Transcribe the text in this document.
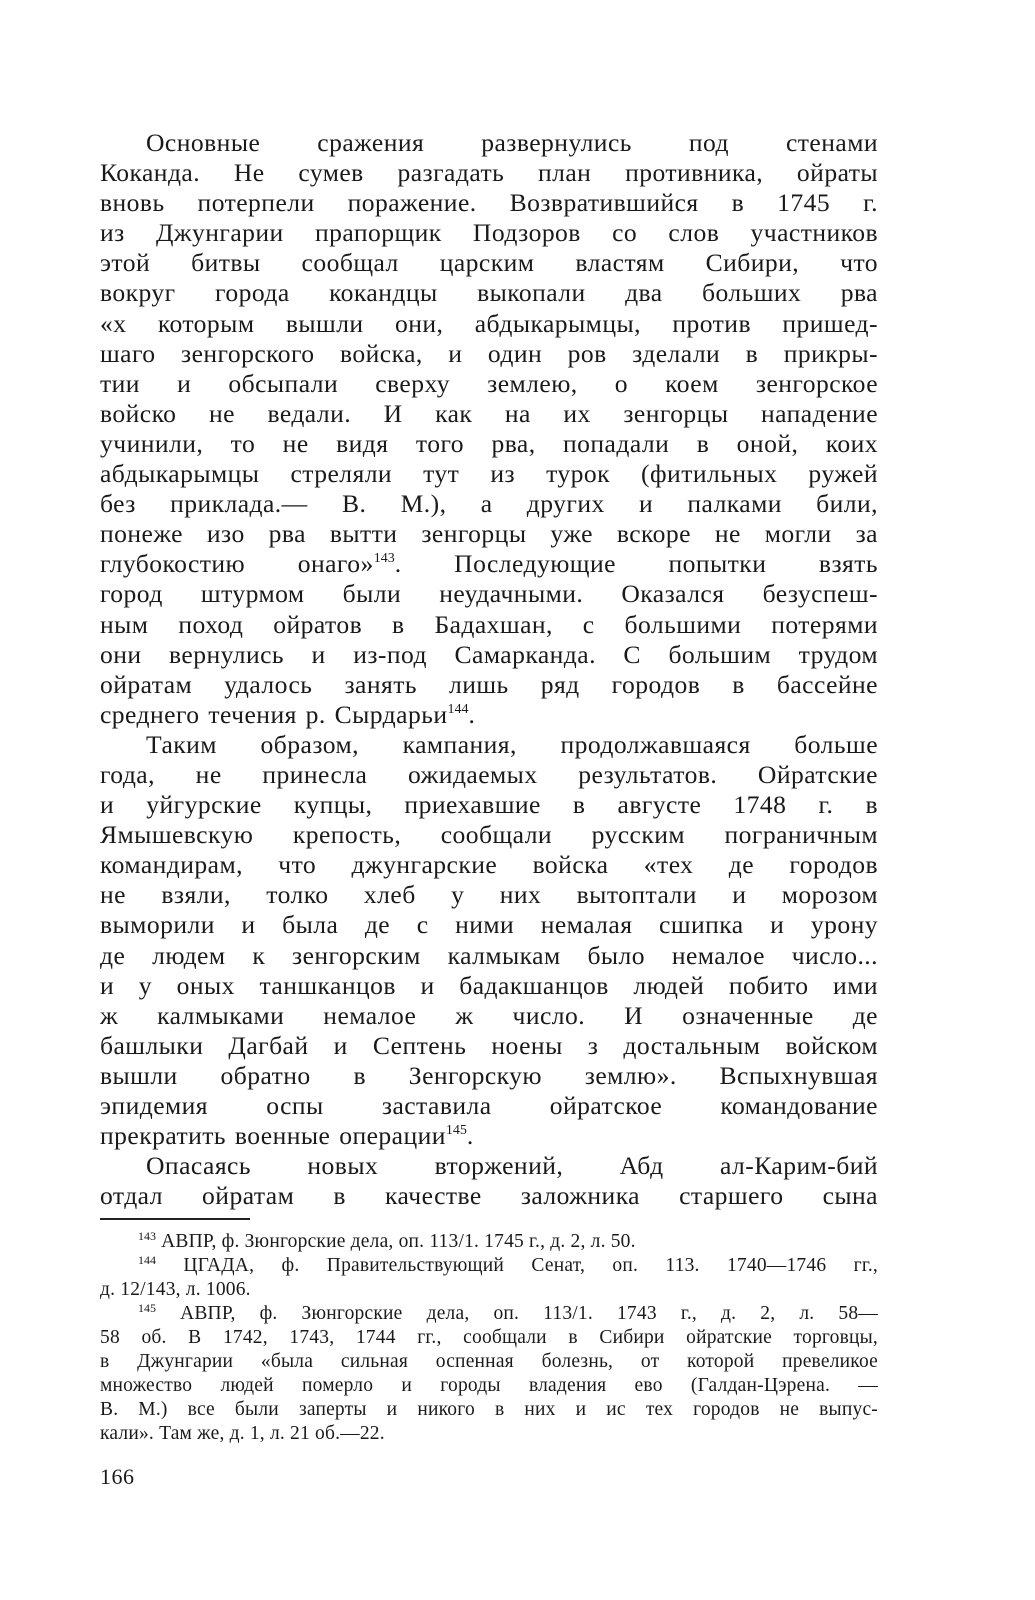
Основные сражения развернулись под стенами
Коканда. Не сумев разгадать план противника, ойраты
вновь потерпели поражение. Возвратившийся в 1745 г.
из Джунгарии прапорщик Подзоров со слов участников
этой битвы сообщал царским властям Сибири, что
вокруг города кокандцы выкопали два больших рва
«х которым вышли они, абдыкарымцы, против пришед-
шаго зенгорского войска, и один ров зделали в прикры-
тии и обсыпали сверху землею, о коем зенгорское
войско не ведали. И как на их зенгорцы нападение
учинили, то не видя того рва, попадали в оной, коих
абдыкарымцы стреляли тут из турок (фитильных ружей
без приклада.— В. М.), а других и палками били,
понеже изо рва вытти зенгорцы уже вскоре не могли за
глубокостию онаго»$^{143}$. Последующие попытки взять
город штурмом были неудачными. Оказался безуспеш-
ным поход ойратов в Бадахшан, с большими потерями
они вернулись и из-под Самарканда. С большим трудом
ойратам удалось занять лишь ряд городов в бассейне
среднего течения р. Сырдарьи$^{144}$.

Таким образом, кампания, продолжавшаяся больше
года, не принесла ожидаемых результатов. Ойратские
и уйгурские купцы, приехавшие в августе 1748 г. в
Ямышевскую крепость, сообщали русским пограничным
командирам, что джунгарские войска «тех де городов
не взяли, толко хлеб у них вытоптали и морозом
выморили и была де с ними немалая сшипка и урону
де людем к зенгорским калмыкам было немалое число...
и у оных таншканцов и бадакшанцов людей побито ими
ж калмыками немалое ж число. И означенные де
башлыки Дагбай и Септень ноены з достальным войском
вышли обратно в Зенгорскую землю». Вспыхнувшая
эпидемия оспы заставила ойратское командование
прекратить военные операции$^{145}$.

Опасаясь новых вторжений, Абд ал-Карим-бий
отдал ойратам в качестве заложника старшего сына

$^{143}$ АВПР, ф. Зюнгорские дела, оп. 113/1. 1745 г., д. 2, л. 50.

$^{144}$ ЦГАДА, ф. Правительствующий Сенат, оп. 113. 1740—1746 гг.,
д. 12/143, л. 1006.

$^{145}$ АВПР, ф. Зюнгорские дела, оп. 113/1. 1743 г., д. 2, л. 58—
58 об. В 1742, 1743, 1744 гг., сообщали в Сибири ойратские торговцы,
в Джунгарии «была сильная оспенная болезнь, от которой превеликое
множество людей померло и городы владения ево (Галдан-Цэрена. —
В. М.) все были заперты и никого в них и ис тех городов не выпус-
кали». Там же, д. 1, л. 21 об.—22.

166
